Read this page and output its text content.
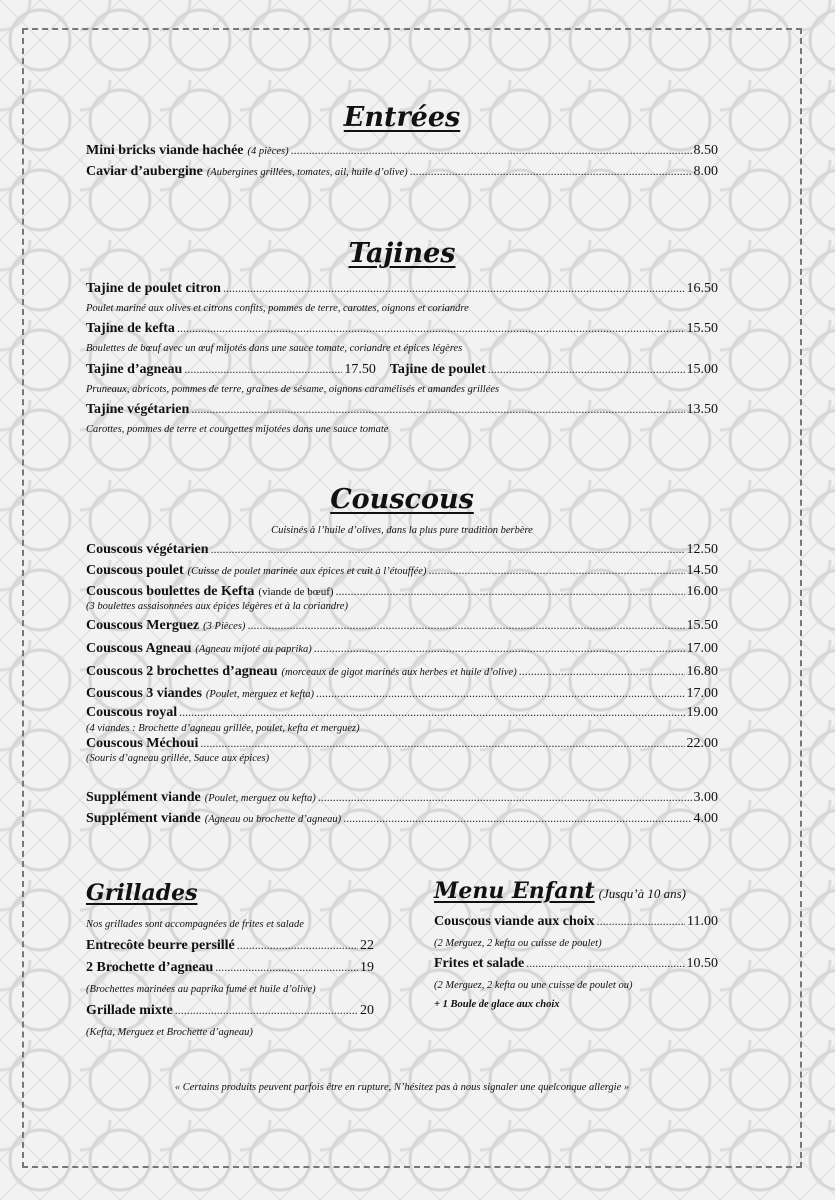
Entrées
Mini bricks viande hachée (4 pièces) .....	8.50
Caviar d’aubergine (Aubergines grillées, tomates, ail, huile d’olive) .....	8.00
Tajines
Tajine de poulet citron .....	16.50
Poulet mariné aux olives et citrons confits, pommes de terre, carottes, oignons et coriandre
Tajine de kefta .....	15.50
Boulettes de bœuf avec un œuf mijotés dans une sauce tomate, coriandre et épices légères
Tajine d’agneau .....	17.50 Tajine de poulet .....	15.00
Pruneaux, abricots, pommes de terre, graines de sésame, oignons caramélisés et amandes grillées
Tajine végétarien .....	13.50
Carottes, pommes de terre et courgettes mijotées dans une sauce tomate
Couscous
Cuisinés à l’huile d’olives, dans la plus pure tradition berbère
Couscous végétarien .....	12.50
Couscous poulet (Cuisse de poulet marinée aux épices et cuit à l’étouffée) .....	14.50
Couscous boulettes de Kefta (viande de bœuf) .....	16.00
(3 boulettes assaisonnées aux épices légères et à la coriandre)
Couscous Merguez (3 Pièces) .....	15.50
Couscous Agneau (Agneau mijoté au paprika) .....	17.00
Couscous 2 brochettes d’agneau (morceaux de gigot marinés aux herbes et huile d’olive) .....	16.80
Couscous 3 viandes (Poulet, merguez et kefta) .....	17.00
Couscous royal .....	19.00
(4 viandes : Brochette d’agneau grillée, poulet, kefta et merguez)
Couscous Méchoui .....	22.00
(Souris d’agneau grillée, Sauce aux épices)
Supplément viande (Poulet, merguez ou kefta) .....	3.00
Supplément viande (Agneau ou brochette d’agneau) .....	4.00
Grillades
Nos grillades sont accompagnées de frites et salade
Entrecôte beurre persillé .....	22
2 Brochette d’agneau .....	19
(Brochettes marinées au paprika fumé et huile d’olive)
Grillade mixte .....	20
(Kefta, Merguez et Brochette d’agneau)
Menu Enfant (Jusqu’à 10 ans)
Couscous viande aux choix .....	11.00
(2 Merguez, 2 kefta ou cuisse de poulet)
Frites et salade .....	10.50
(2 Merguez, 2 kefta ou une cuisse de poulet ou)
+ 1 Boule de glace aux choix
« Certains produits peuvent parfois être en rupture, N’hésitez pas à nous signaler une quelconque allergie »
